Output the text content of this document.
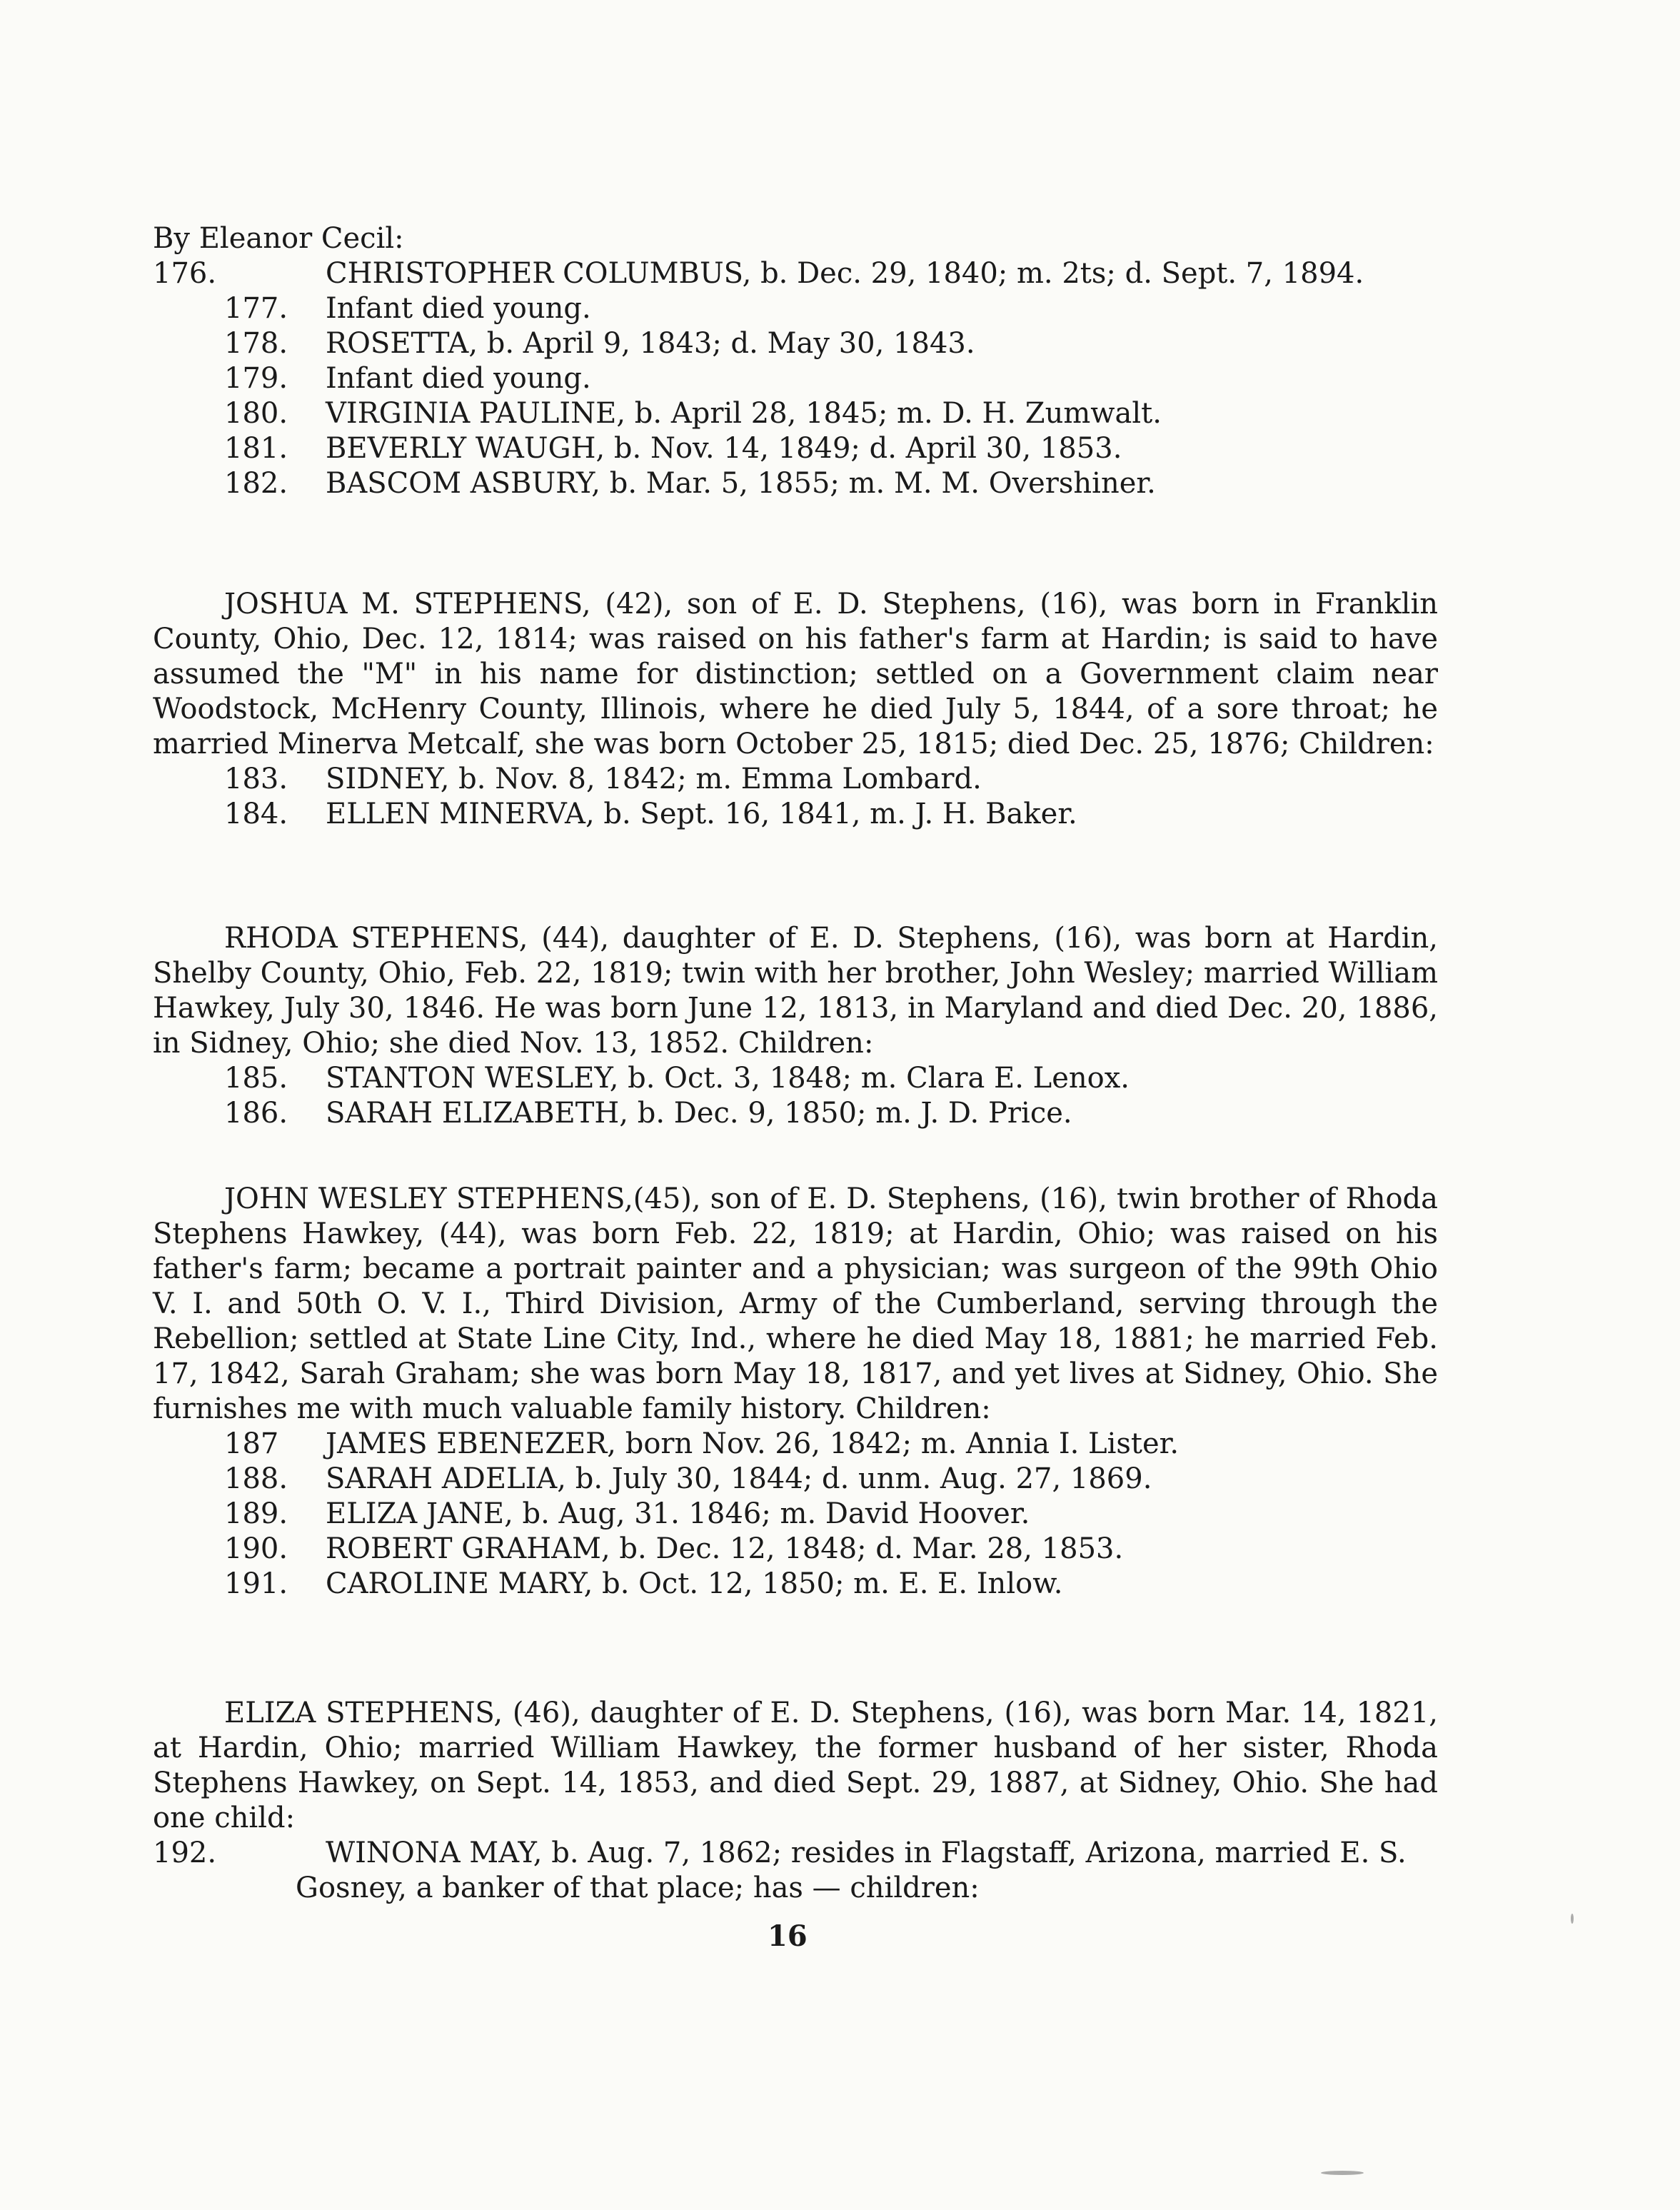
By Eleanor Cecil:

176.	CHRISTOPHER COLUMBUS, b. Dec. 29, 1840; m. 2ts; d. Sept. 7, 1894.
177. Infant died young.
178. ROSETTA, b. April 9, 1843; d. May 30, 1843.
179. Infant died young.
180. VIRGINIA PAULINE, b. April 28, 1845; m. D. H. Zumwalt.
181. BEVERLY WAUGH, b. Nov. 14, 1849; d. April 30, 1853.
182. BASCOM ASBURY, b. Mar. 5, 1855; m. M. M. Overshiner.

JOSHUA M. STEPHENS, (42), son of E. D. Stephens, (16), was born in Franklin County, Ohio, Dec. 12, 1814; was raised on his father's farm at Hardin; is said to have assumed the "M" in his name for distinction; settled on a Government claim near Woodstock, McHenry County, Illinois, where he died July 5, 1844, of a sore throat; he married Minerva Metcalf, she was born October 25, 1815; died Dec. 25, 1876; Children:

183. SIDNEY, b. Nov. 8, 1842; m. Emma Lombard.
184. ELLEN MINERVA, b. Sept. 16, 1841, m. J. H. Baker.

RHODA STEPHENS, (44), daughter of E. D. Stephens, (16), was born at Hardin, Shelby County, Ohio, Feb. 22, 1819; twin with her brother, John Wesley; married William Hawkey, July 30, 1846. He was born June 12, 1813, in Maryland and died Dec. 20, 1886, in Sidney, Ohio; she died Nov. 13, 1852. Children:

185. STANTON WESLEY, b. Oct. 3, 1848; m. Clara E. Lenox.
186. SARAH ELIZABETH, b. Dec. 9, 1850; m. J. D. Price.

JOHN WESLEY STEPHENS,(45), son of E. D. Stephens, (16), twin brother of Rhoda Stephens Hawkey, (44), was born Feb. 22, 1819; at Hardin, Ohio; was raised on his father's farm; became a portrait painter and a physician; was surgeon of the 99th Ohio V. I. and 50th O. V. I., Third Division, Army of the Cumberland, serving through the Rebellion; settled at State Line City, Ind., where he died May 18, 1881; he married Feb. 17, 1842, Sarah Graham; she was born May 18, 1817, and yet lives at Sidney, Ohio. She furnishes me with much valuable family history. Children:

187 JAMES EBENEZER, born Nov. 26, 1842; m. Annia I. Lister.
188. SARAH ADELIA, b. July 30, 1844; d. unm. Aug. 27, 1869.
189. ELIZA JANE, b. Aug, 31. 1846; m. David Hoover.
190. ROBERT GRAHAM, b. Dec. 12, 1848; d. Mar. 28, 1853.
191. CAROLINE MARY, b. Oct. 12, 1850; m. E. E. Inlow.

ELIZA STEPHENS, (46), daughter of E. D. Stephens, (16), was born Mar. 14, 1821, at Hardin, Ohio; married William Hawkey, the former husband of her sister, Rhoda Stephens Hawkey, on Sept. 14, 1853, and died Sept. 29, 1887, at Sidney, Ohio. She had one child:

192.	WINONA MAY, b. Aug. 7, 1862; resides in Flagstaff, Arizona, married E. S. Gosney, a banker of that place; has — children:
16
